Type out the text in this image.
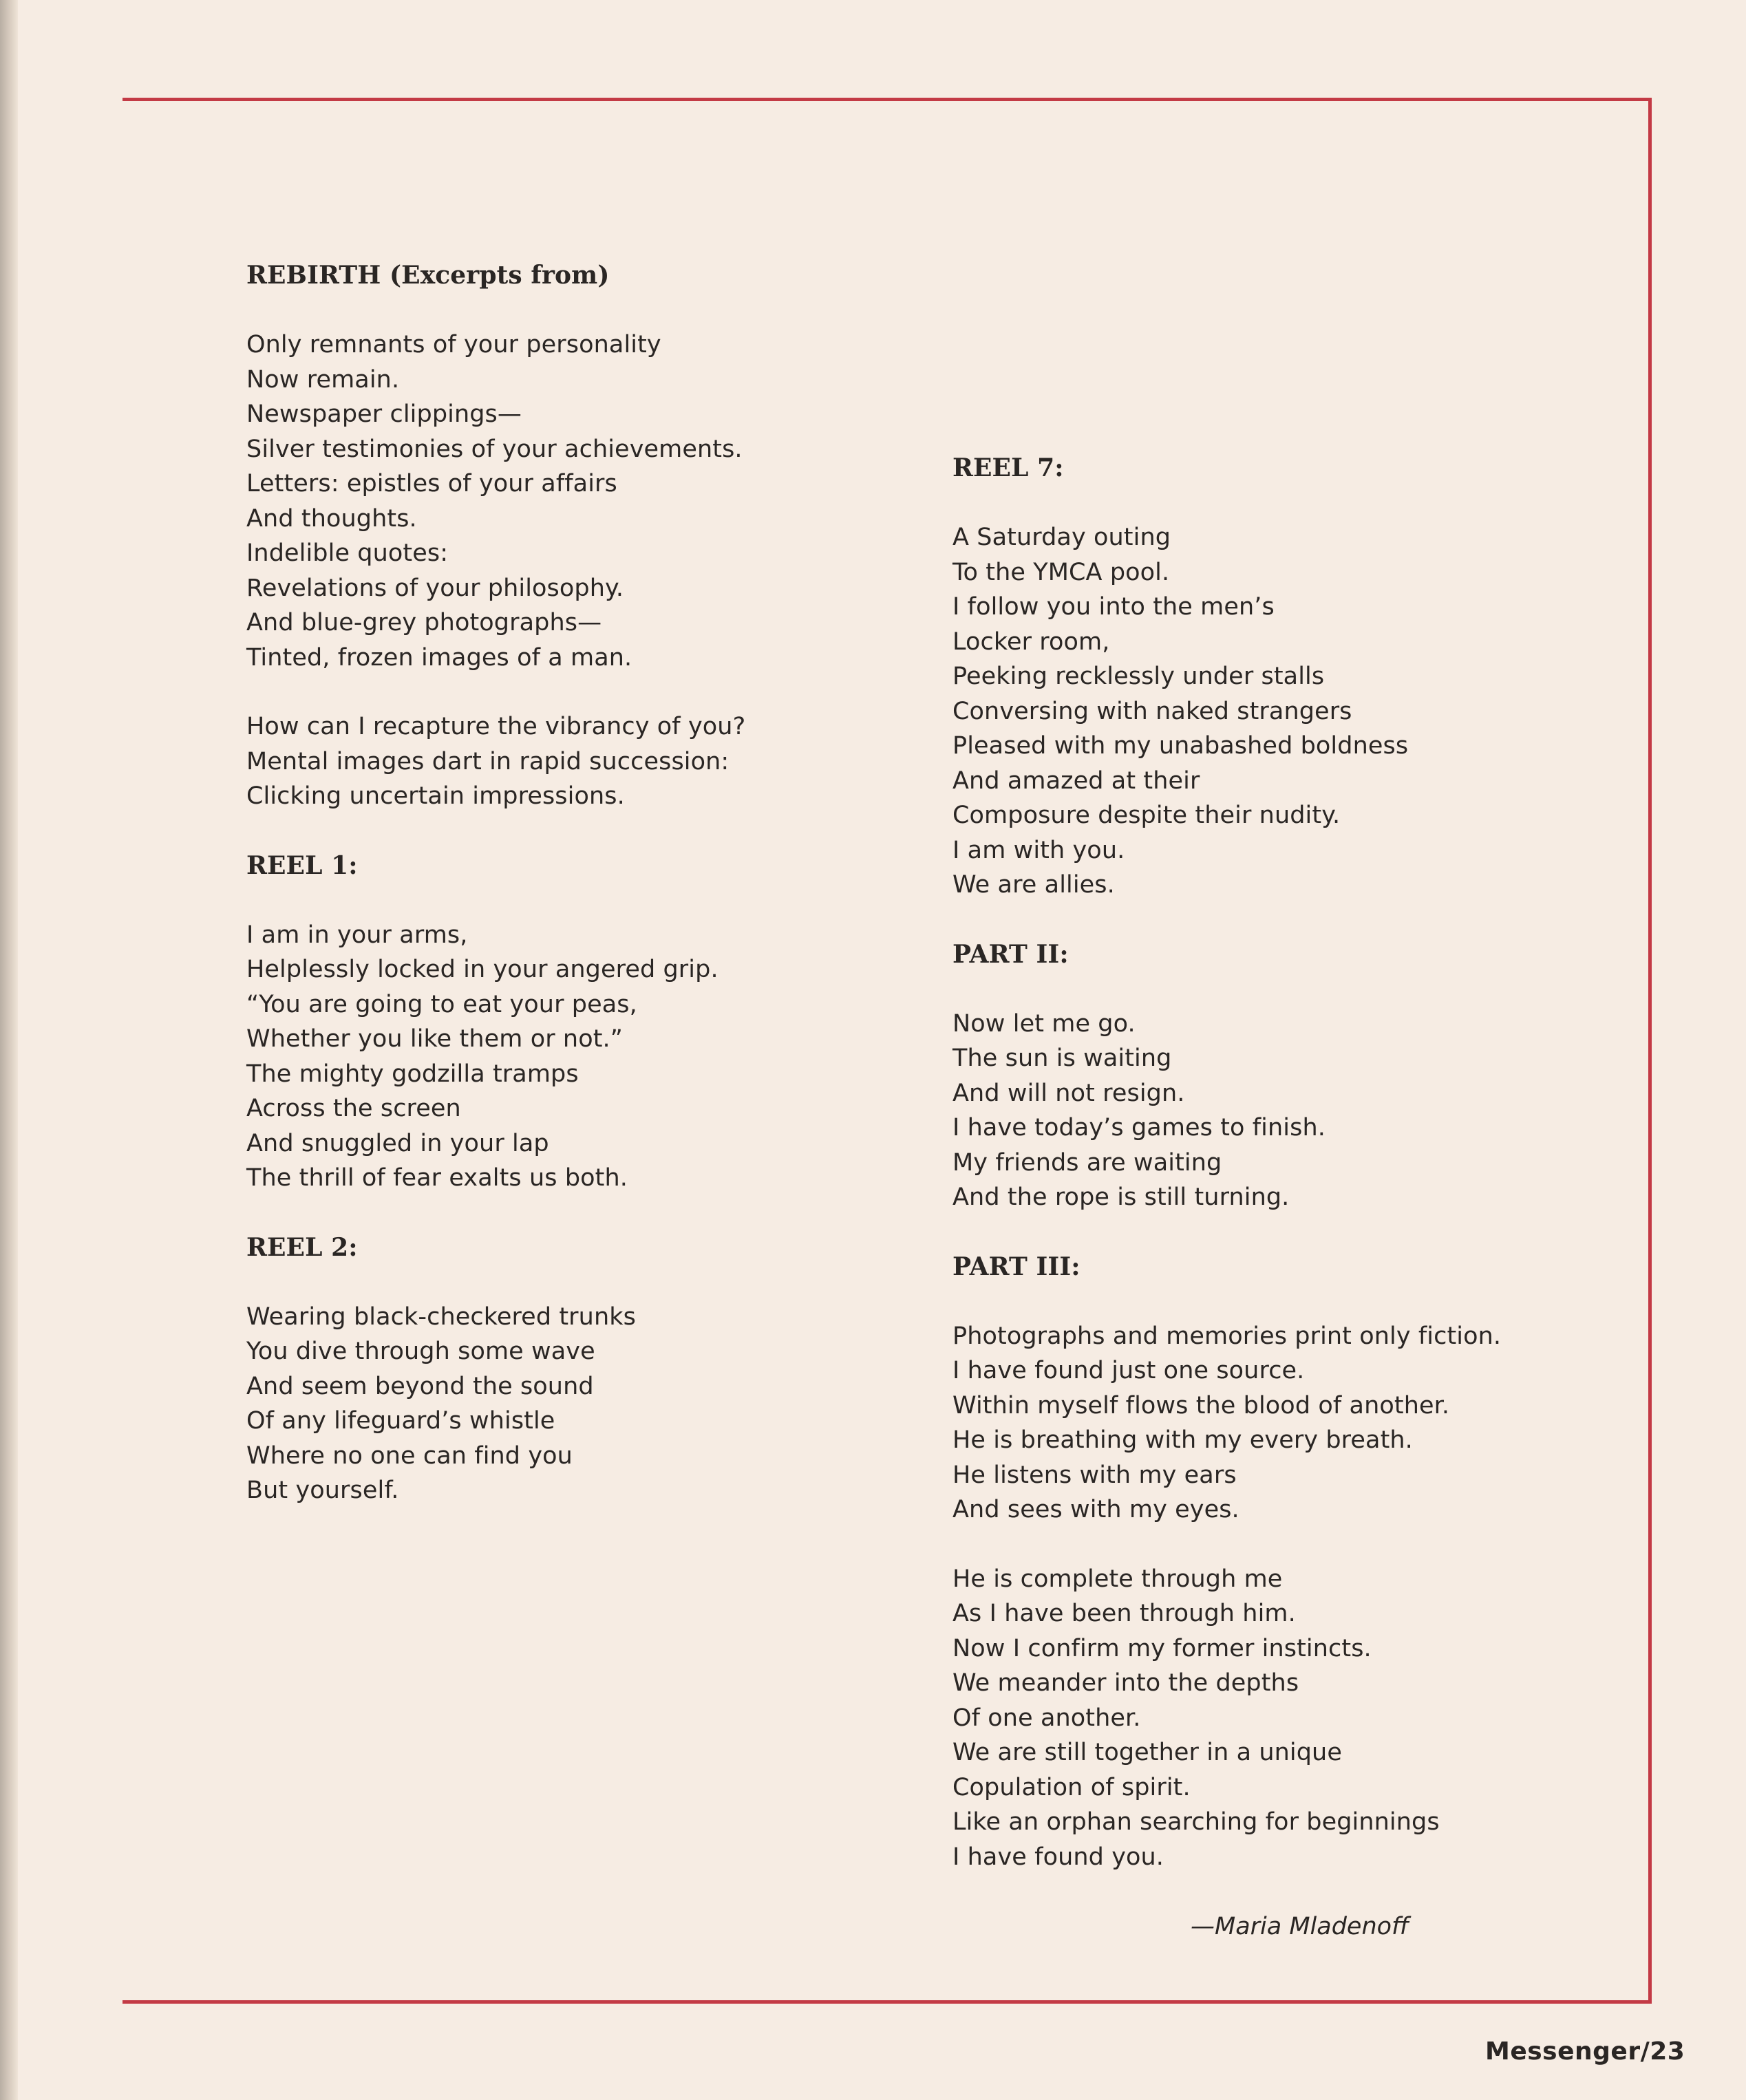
REBIRTH (Excerpts from)
Only remnants of your personality
Now remain.
Newspaper clippings—
Silver testimonies of your achievements.
Letters: epistles of your affairs
And thoughts.
Indelible quotes:
Revelations of your philosophy.
And blue-grey photographs—
Tinted, frozen images of a man.
How can I recapture the vibrancy of you?
Mental images dart in rapid succession:
Clicking uncertain impressions.
REEL 1:
I am in your arms,
Helplessly locked in your angered grip.
“You are going to eat your peas,
Whether you like them or not.”
The mighty godzilla tramps
Across the screen
And snuggled in your lap
The thrill of fear exalts us both.
REEL 2:
Wearing black-checkered trunks
You dive through some wave
And seem beyond the sound
Of any lifeguard’s whistle
Where no one can find you
But yourself.
REEL 7:
A Saturday outing
To the YMCA pool.
I follow you into the men’s
Locker room,
Peeking recklessly under stalls
Conversing with naked strangers
Pleased with my unabashed boldness
And amazed at their
Composure despite their nudity.
I am with you.
We are allies.
PART II:
Now let me go.
The sun is waiting
And will not resign.
I have today’s games to finish.
My friends are waiting
And the rope is still turning.
PART III:
Photographs and memories print only fiction.
I have found just one source.
Within myself flows the blood of another.
He is breathing with my every breath.
He listens with my ears
And sees with my eyes.
He is complete through me
As I have been through him.
Now I confirm my former instincts.
We meander into the depths
Of one another.
We are still together in a unique
Copulation of spirit.
Like an orphan searching for beginnings
I have found you.
—Maria Mladenoff
Messenger/23
